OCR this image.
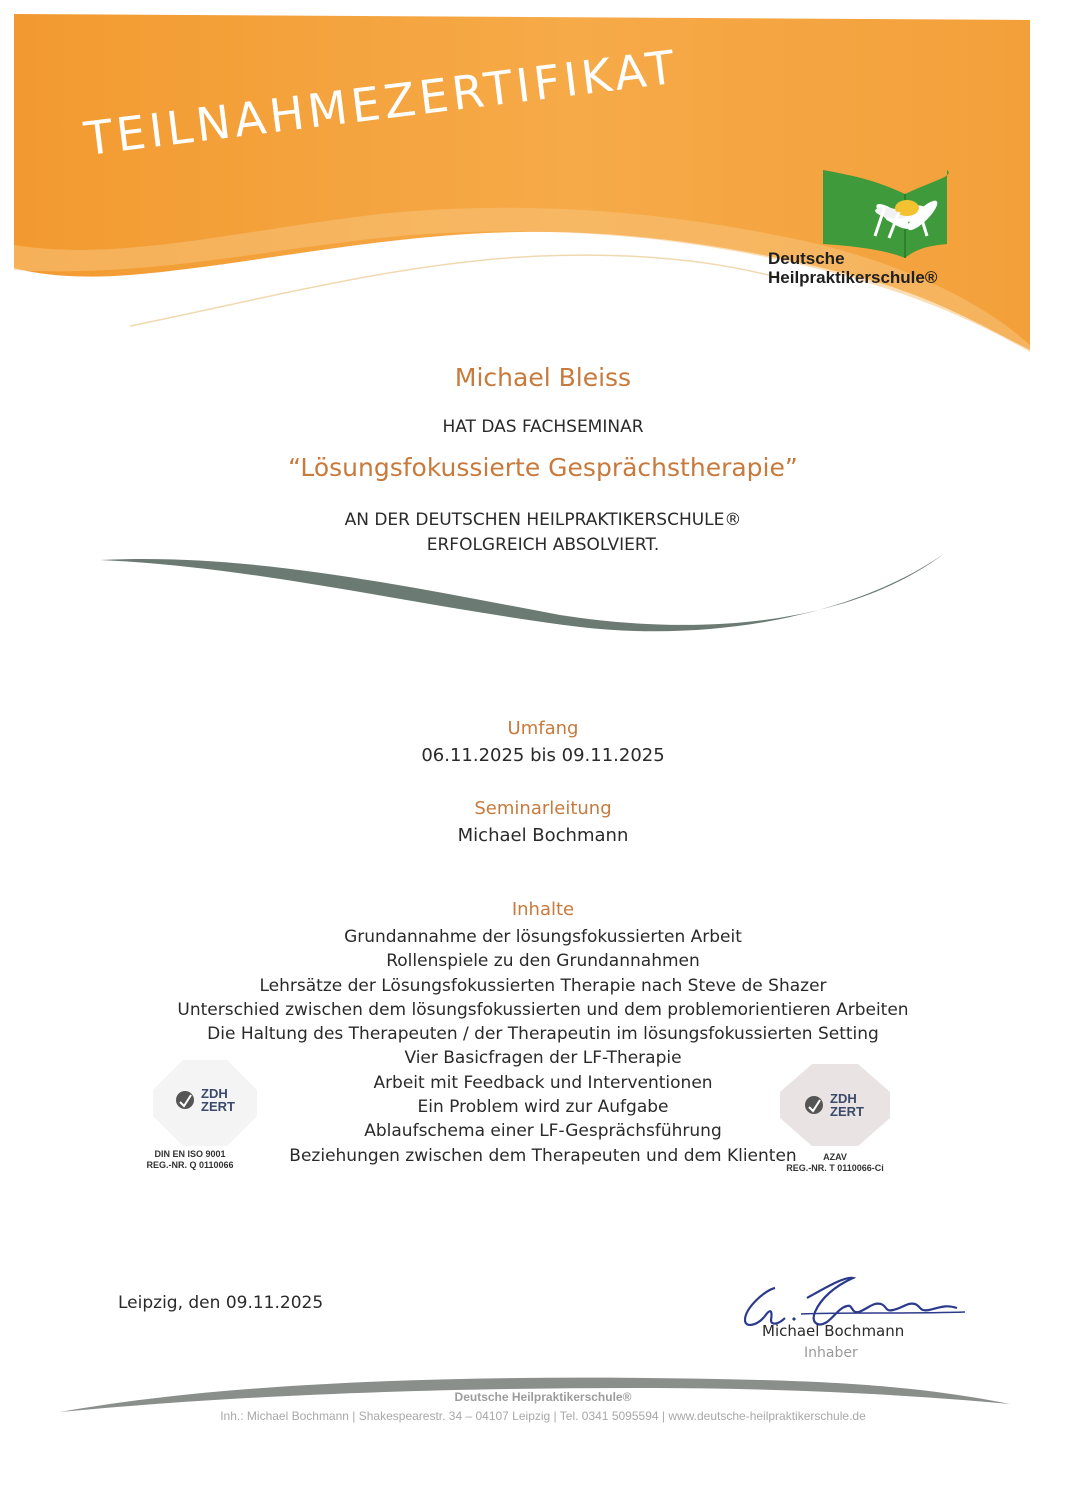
TEILNAHMEZERTIFIKAT
Deutsche
Heilpraktikerschule®
Michael Bleiss
HAT DAS FACHSEMINAR
“Lösungsfokussierte Gesprächstherapie”
AN DER DEUTSCHEN HEILPRAKTIKERSCHULE®
ERFOLGREICH ABSOLVIERT.
Umfang
06.11.2025 bis 09.11.2025
Seminarleitung
Michael Bochmann
Inhalte
Grundannahme der lösungsfokussierten Arbeit
Rollenspiele zu den Grundannahmen
Lehrsätze der Lösungsfokussierten Therapie nach Steve de Shazer
Unterschied zwischen dem lösungsfokussierten und dem problemorientieren Arbeiten
Die Haltung des Therapeuten / der Therapeutin im lösungsfokussierten Setting
Vier Basicfragen der LF-Therapie
Arbeit mit Feedback und Interventionen
Ein Problem wird zur Aufgabe
Ablaufschema einer LF-Gesprächsführung
Beziehungen zwischen dem Therapeuten und dem Klienten
ZDH
ZERT
DIN EN ISO 9001
REG.-NR. Q 0110066
ZDH
ZERT
AZAV
REG.-NR. T 0110066-Ci
Leipzig, den 09.11.2025
Michael Bochmann
Inhaber
Deutsche Heilpraktikerschule®
Inh.: Michael Bochmann | Shakespearestr. 34 – 04107 Leipzig | Tel. 0341 5095594 | www.deutsche-heilpraktikerschule.de
